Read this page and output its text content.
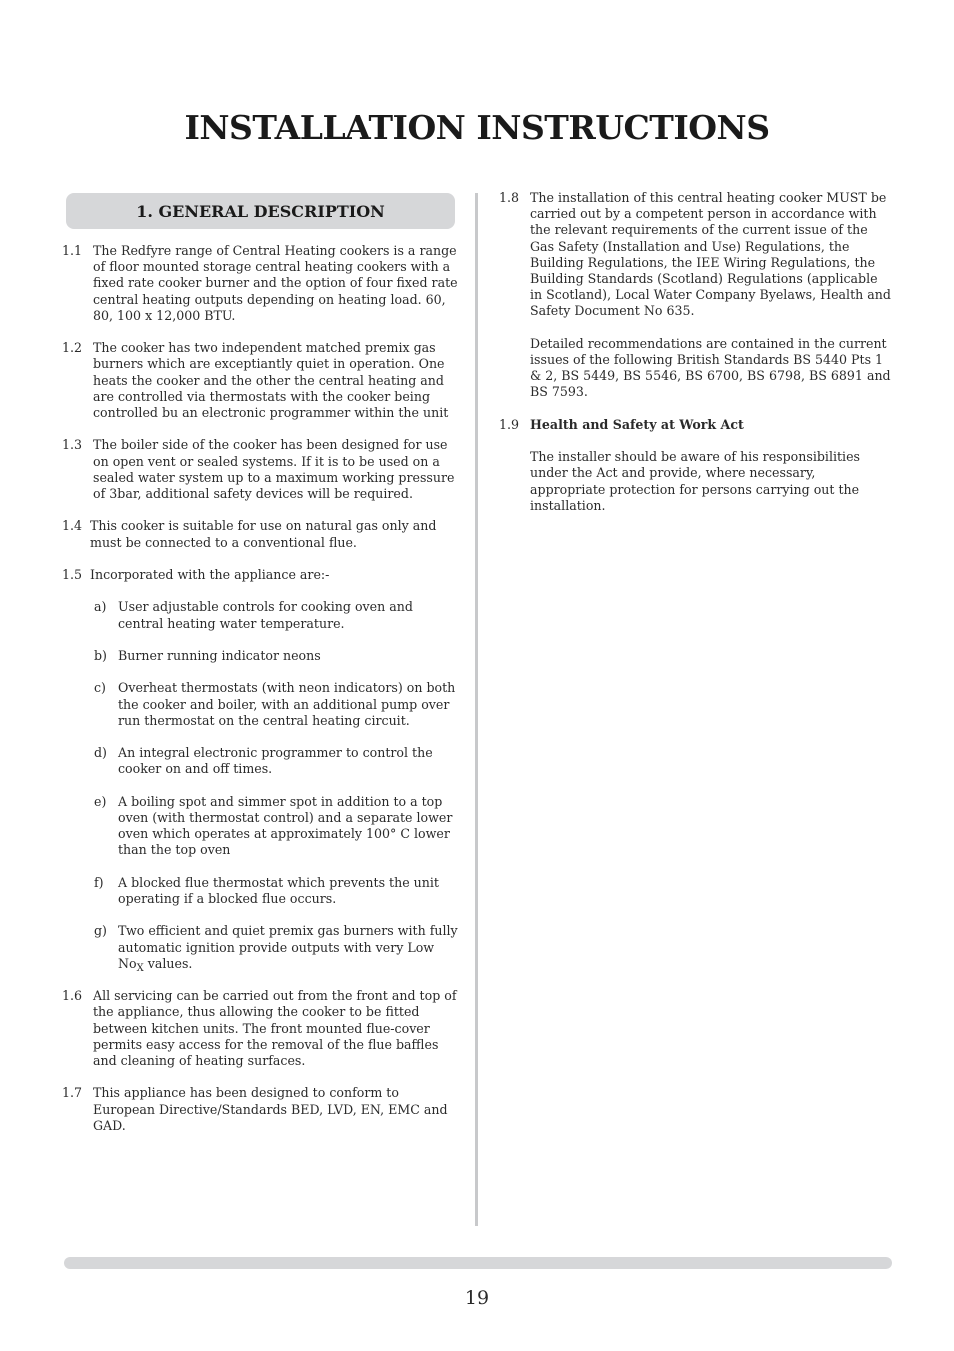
INSTALLATION INSTRUCTIONS
1. GENERAL DESCRIPTION
1.1 The Redfyre range of Central Heating cookers is a range of floor mounted storage central heating cookers with a fixed rate cooker burner and the option of four fixed rate central heating outputs depending on heating load. 60, 80, 100 x 12,000 BTU.
1.2 The cooker has two independent matched premix gas burners which are exceptiantly quiet in operation. One heats the cooker and the other the central heating and are controlled via thermostats with the cooker being controlled bu an electronic programmer within the unit
1.3 The boiler side of the cooker has been designed for use on open vent or sealed systems. If it is to be used on a sealed water system up to a maximum working pressure of 3bar, additional safety devices will be required.
1.4 This cooker is suitable for use on natural gas only and must be connected to a conventional flue.
1.5 Incorporated with the appliance are:-
a) User adjustable controls for cooking oven and central heating water temperature.
b) Burner running indicator neons
c) Overheat thermostats (with neon indicators) on both the cooker and boiler, with an additional pump over run thermostat on the central heating circuit.
d) An integral electronic programmer to control the cooker on and off times.
e) A boiling spot and simmer spot in addition to a top oven (with thermostat control) and a separate lower oven which operates at approximately 100° C lower than the top oven
f)	A blocked flue thermostat which prevents the unit operating if a blocked flue occurs.
g) Two efficient and quiet premix gas burners with fully automatic ignition provide outputs with very Low $No_X$ values.
1.6 All servicing can be carried out from the front and top of the appliance, thus allowing the cooker to be fitted between kitchen units. The front mounted flue-cover permits easy access for the removal of the flue baffles and cleaning of heating surfaces.
1.7 This appliance has been designed to conform to European Directive/Standards BED, LVD, EN, EMC and GAD.
1.8 The installation of this central heating cooker MUST be carried out by a competent person in accordance with the relevant requirements of the current issue of the Gas Safety (Installation and Use) Regulations, the Building Regulations, the IEE Wiring Regulations, the Building Standards (Scotland) Regulations (applicable in Scotland), Local Water Company Byelaws, Health and Safety Document No 635.
Detailed recommendations are contained in the current issues of the following British Standards BS 5440 Pts 1 & 2, BS 5449, BS 5546, BS 6700, BS 6798, BS 6891 and BS 7593.
1.9 Health and Safety at Work Act
The installer should be aware of his responsibilities under the Act and provide, where necessary, appropriate protection for persons carrying out the installation.
19
